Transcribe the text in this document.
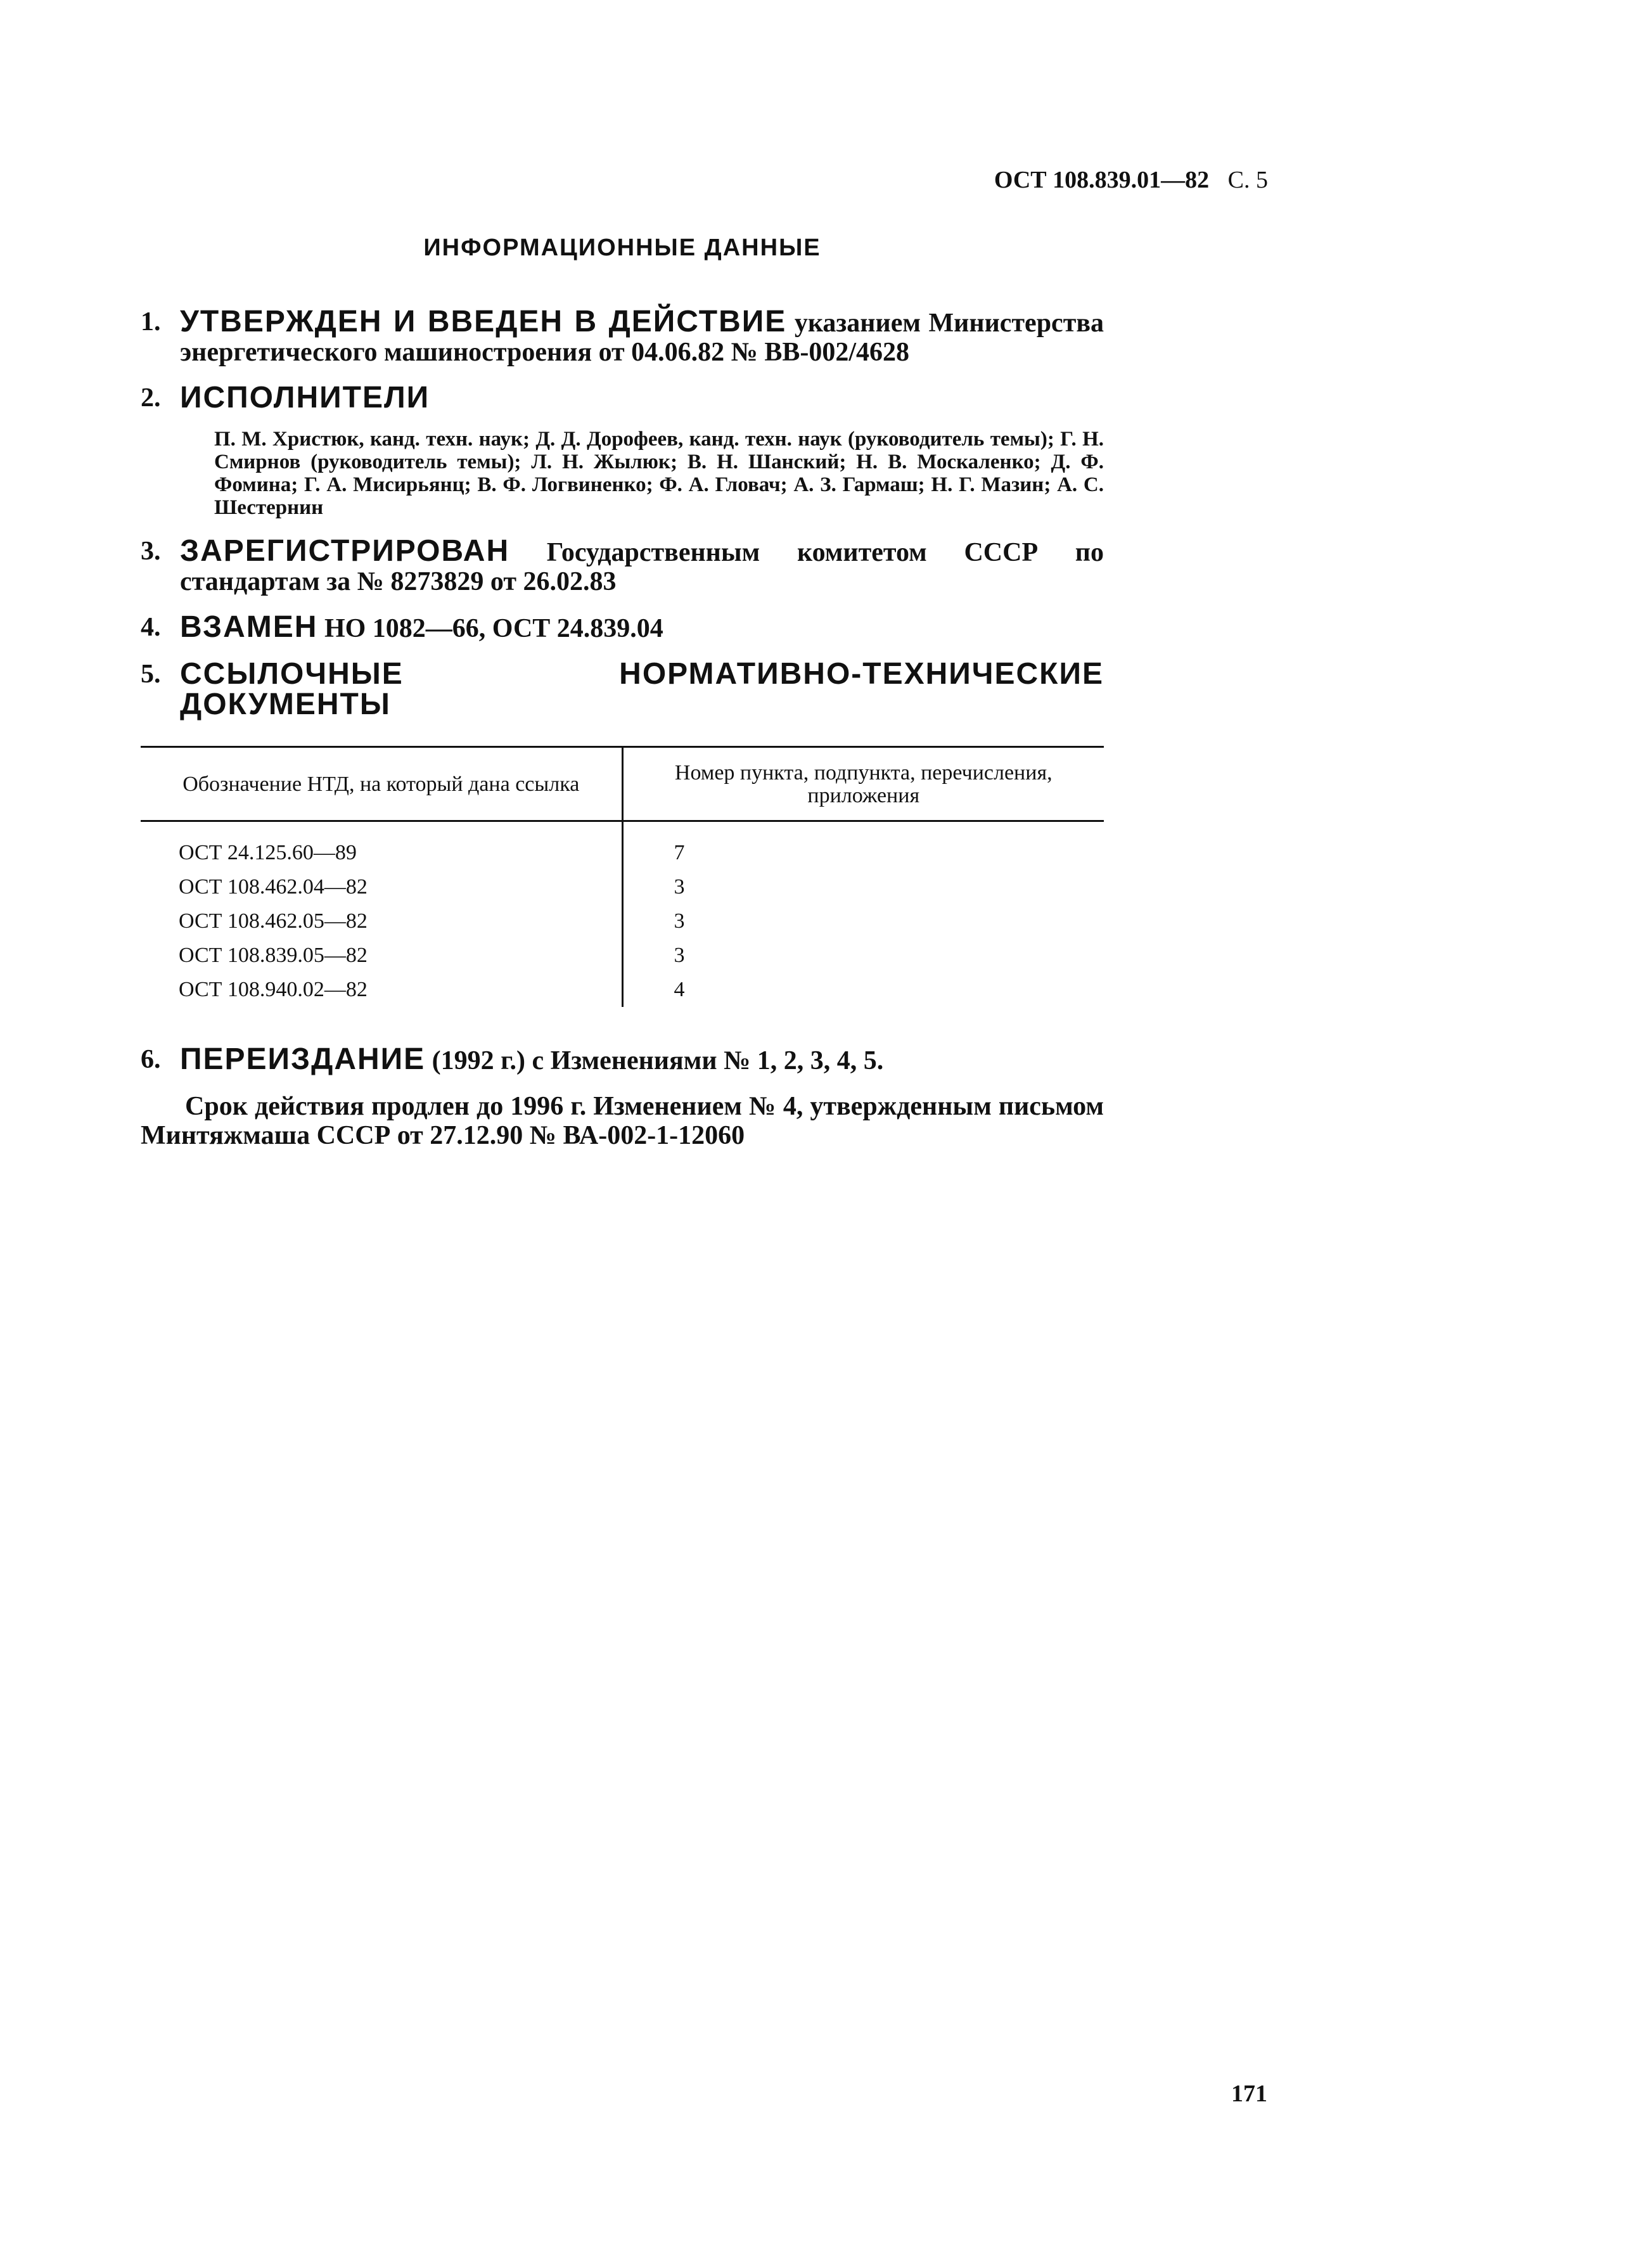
ОСТ 108.839.01—82 С. 5
ИНФОРМАЦИОННЫЕ ДАННЫЕ
1. УТВЕРЖДЕН И ВВЕДЕН В ДЕЙСТВИЕ указанием Министерства энергетического машиностроения от 04.06.82 № ВВ-002/4628
2. ИСПОЛНИТЕЛИ
П. М. Христюк, канд. техн. наук; Д. Д. Дорофеев, канд. техн. наук (руководитель темы); Г. Н. Смирнов (руководитель темы); Л. Н. Жылюк; В. Н. Шанский; Н. В. Москаленко; Д. Ф. Фомина; Г. А. Мисирьянц; В. Ф. Логвиненко; Ф. А. Гловач; А. З. Гармаш; Н. Г. Мазин; А. С. Шестернин
3. ЗАРЕГИСТРИРОВАН Государственным комитетом СССР по стандартам за № 8273829 от 26.02.83
4. ВЗАМЕН НО 1082—66, ОСТ 24.839.04
5. ССЫЛОЧНЫЕ НОРМАТИВНО-ТЕХНИЧЕСКИЕ ДОКУМЕНТЫ
Обозначение НТД, на который дана ссылка	Номер пункта, подпункта, перечисления, приложения
ОСТ 24.125.60—89	7
ОСТ 108.462.04—82	3
ОСТ 108.462.05—82	3
ОСТ 108.839.05—82	3
ОСТ 108.940.02—82	4
6. ПЕРЕИЗДАНИЕ (1992 г.) с Изменениями № 1, 2, 3, 4, 5.

Срок действия продлен до 1996 г. Изменением № 4, утвержденным письмом Минтяжмаша СССР от 27.12.90 № ВА-002-1-12060

171
